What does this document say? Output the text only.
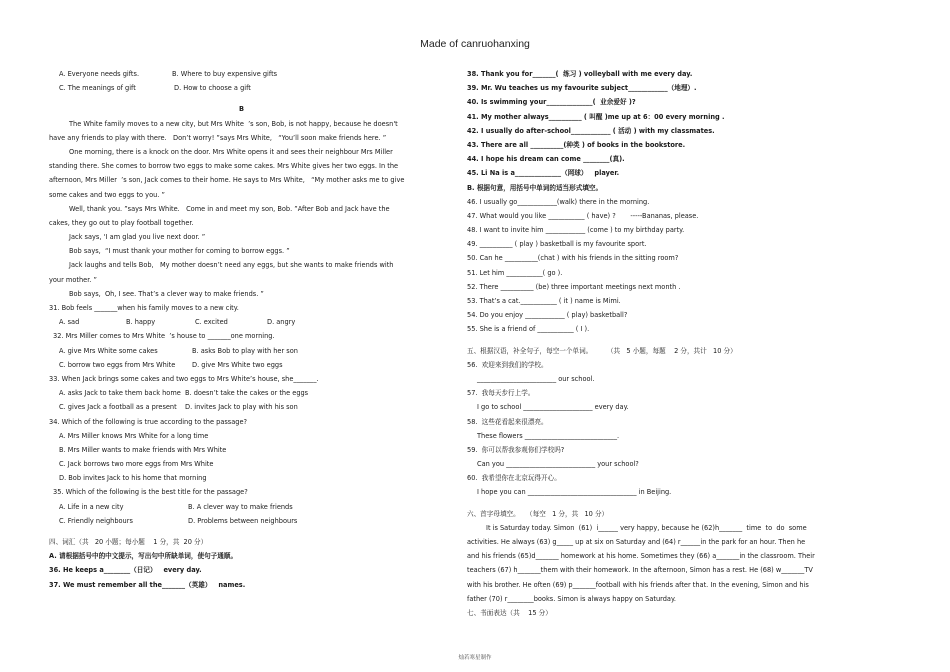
Made of canruohanxing
A. Everyone needs gifts.	B. Where to buy expensive gifts
C. The meanings of gift	D. How to choose a gift
B
The White family moves to a new city, but Mrs White  ’s son, Bob, is not happy, because he doesn't
have any friends to play with there.   Don’t worry! ”says Mrs White,   “You’ll soon make friends here. ”
One morning, there is a knock on the door. Mrs White opens it and sees their neighbour Mrs Miller
standing there. She comes to borrow two eggs to make some cakes. Mrs White gives her two eggs. In the
afternoon, Mrs Miller  ’s son, Jack comes to their home. He says to Mrs White,   “My mother asks me to give
some cakes and two eggs to you. ”
Well, thank you. ”says Mrs White.   Come in and meet my son, Bob. ”After Bob and Jack have the
cakes, they go out to play football together.
Jack says, ‘I am glad you live next door. ”
Bob says,  “I must thank your mother for coming to borrow eggs. ”
Jack laughs and tells Bob,   My mother doesn’t need any eggs, but she wants to make friends with
your mother. ”
Bob says,  Oh, I see. That’s a clever way to make friends. ”
31. Bob feels _______when his family moves to a new city.
A. sad	B. happy	C. excited	D. angry
32. Mrs Miller comes to Mrs White  ’s house to _______one morning.
A. give Mrs White some cakes	B. asks Bob to play with her son
C. borrow two eggs from Mrs White	D. give Mrs White two eggs
33. When Jack brings some cakes and two eggs to Mrs White’s house, she_______.
A. asks Jack to take them back home B. doesn’t take the cakes or the eggs
C. gives Jack a football as a present	D. invites Jack to play with his son
34. Which of the following is true according to the passage?
A. Mrs Miller knows Mrs White for a long time
B. Mrs Miller wants to make friends with Mrs White
C. Jack borrows two more eggs from Mrs White
D. Bob invites Jack to his home that morning
35. Which of the following is the best title for the passage?
A. Life in a new city	B. A clever way to make friends
C. Friendly neighbours	D. Problems between neighbours
四、词汇（共   20 小题；每小题    1 分，共  20 分）
A. 请根据括号中的中文提示，写出句中所缺单词，使句子通顺。
36. He keeps a________（日记）   every day.
37. We must remember all the_______（英雄）   names.
38. Thank you for_______(  练习 ) volleyball with me every day.
39. Mr. Wu teaches us my favourite subject____________（地理）.
40. Is swimming your______________(  业余爱好 )?
41. My mother always__________ ( 叫醒 )me up at 6：00 every morning .
42. I usually do after-school____________ ( 活动 ) with my classmates.
43. There are all __________(种类 ) of books in the bookstore.
44. I hope his dream can come ________(真).
45. Li Na is a______________（网球）   player.
B. 根据句意，用括号中单词的适当形式填空。
46. I usually go____________(walk) there in the morning.
47. What would you like ___________ ( have) ?       -----Bananas, please.
48. I want to invite him ____________ (come ) to my birthday party.
49. __________ ( play ) basketball is my favourite sport.
50. Can he __________(chat ) with his friends in the sitting room?
51. Let him ___________( go ).
52. There __________ (be) three important meetings next month .
53. That’s a cat.___________ ( it ) name is Mimi.
54. Do you enjoy ____________ ( play) basketball?
55. She is a friend of ___________ ( I ).
五、根据汉语，补全句子，每空一个单词。       （共   5 小题，每题    2 分，共计   10 分）
56.  欢迎来到我们的学校。
________________________ our school.
57.  我每天步行上学。
I go to school _____________________ every day.
58.  这些花看起来很漂亮。
These flowers ____________________________.
59.  你可以帮我参观你们学校吗?
Can you ___________________________ your school?
60.  我希望你在北京玩得开心。
I hope you can _________________________________ in Beijing.
六、首字母填空。   （每空   1 分，共   10 分）
It is Saturday today. Simon  (61)  i______ very happy, because he (62)h_______  time  to  do  some
activities. He always (63) g_____ up at six on Saturday and (64) r______in the park for an hour. Then he
and his friends (65)d_______ homework at his home. Sometimes they (66) a_______in the classroom. Their
teachers (67) h_______them with their homework. In the afternoon, Simon has a rest. He (68) w_______TV
with his brother. He often (69) p_______football with his friends after that. In the evening, Simon and his
father (70) r________books. Simon is always happy on Saturday.
七、书面表达（共    15 分）
灿若寒星制作
